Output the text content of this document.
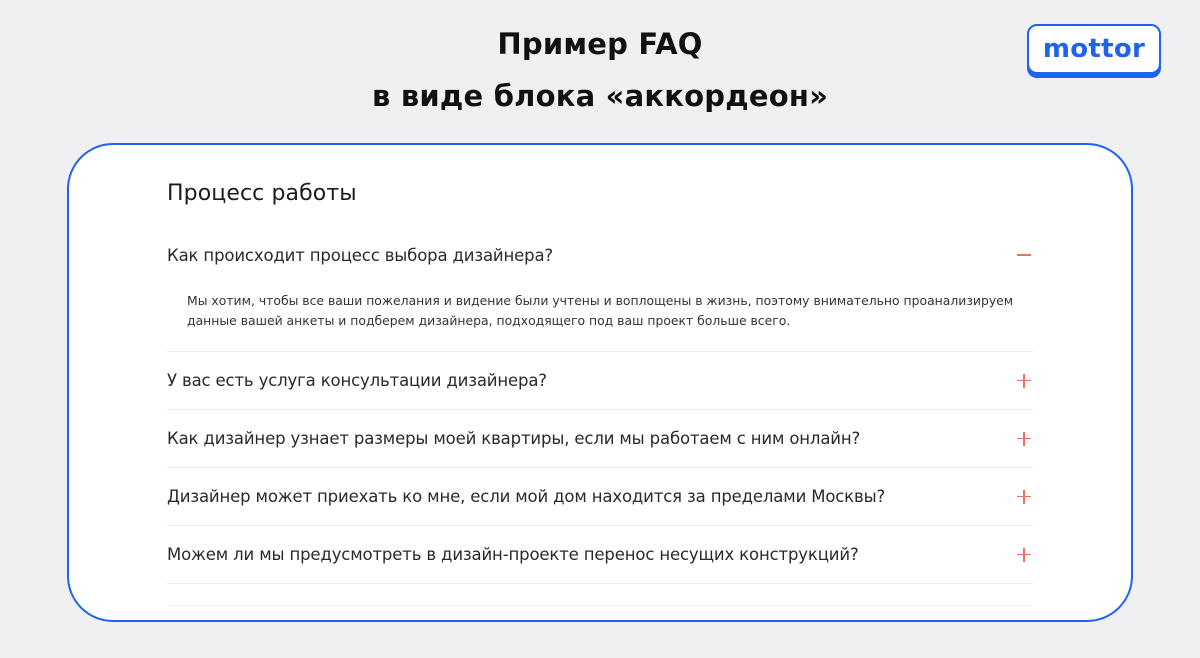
Пример FAQ
в виде блока «аккордеон»
mottor
Процесс работы
Как происходит процесс выбора дизайнера?
Мы хотим, чтобы все ваши пожелания и видение были учтены и воплощены в жизнь, поэтому внимательно проанализируем
данные вашей анкеты и подберем дизайнера, подходящего под ваш проект больше всего.
У вас есть услуга консультации дизайнера?
Как дизайнер узнает размеры моей квартиры, если мы работаем с ним онлайн?
Дизайнер может приехать ко мне, если мой дом находится за пределами Москвы?
Можем ли мы предусмотреть в дизайн-проекте перенос несущих конструкций?
